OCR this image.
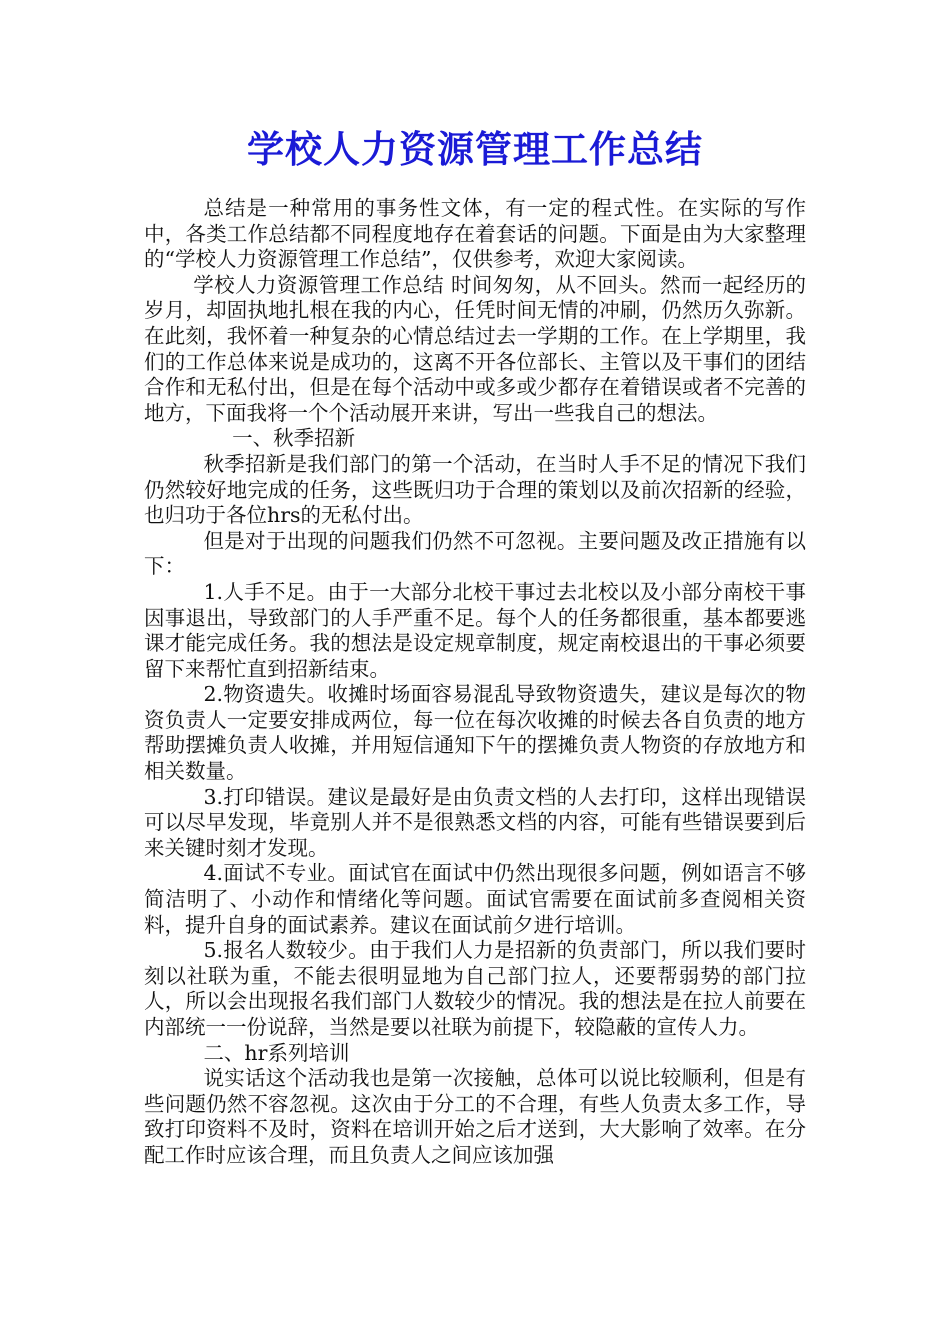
学校人力资源管理工作总结

总结是一种常用的事务性文体，有一定的程式性。在实际的写作中，各类工作总结都不同程度地存在着套话的问题。下面是由为大家整理的“学校人力资源管理工作总结”，仅供参考，欢迎大家阅读。

学校人力资源管理工作总结 时间匆匆，从不回头。然而一起经历的岁月，却固执地扎根在我的内心，任凭时间无情的冲刷，仍然历久弥新。在此刻，我怀着一种复杂的心情总结过去一学期的工作。在上学期里，我们的工作总体来说是成功的，这离不开各位部长、主管以及干事们的团结合作和无私付出，但是在每个活动中或多或少都存在着错误或者不完善的地方，下面我将一个个活动展开来讲，写出一些我自己的想法。

一、秋季招新

秋季招新是我们部门的第一个活动，在当时人手不足的情况下我们仍然较好地完成的任务，这些既归功于合理的策划以及前次招新的经验，也归功于各位hrs的无私付出。

但是对于出现的问题我们仍然不可忽视。主要问题及改正措施有以下：

1.人手不足。由于一大部分北校干事过去北校以及小部分南校干事因事退出，导致部门的人手严重不足。每个人的任务都很重，基本都要逃课才能完成任务。我的想法是设定规章制度，规定南校退出的干事必须要留下来帮忙直到招新结束。

2.物资遗失。收摊时场面容易混乱导致物资遗失，建议是每次的物资负责人一定要安排成两位，每一位在每次收摊的时候去各自负责的地方帮助摆摊负责人收摊，并用短信通知下午的摆摊负责人物资的存放地方和相关数量。

3.打印错误。建议是最好是由负责文档的人去打印，这样出现错误可以尽早发现，毕竟别人并不是很熟悉文档的内容，可能有些错误要到后来关键时刻才发现。

4.面试不专业。面试官在面试中仍然出现很多问题，例如语言不够简洁明了、小动作和情绪化等问题。面试官需要在面试前多查阅相关资料，提升自身的面试素养。建议在面试前夕进行培训。

5.报名人数较少。由于我们人力是招新的负责部门，所以我们要时刻以社联为重，不能去很明显地为自己部门拉人，还要帮弱势的部门拉人，所以会出现报名我们部门人数较少的情况。我的想法是在拉人前要在内部统一一份说辞，当然是要以社联为前提下，较隐蔽的宣传人力。

二、hr系列培训

说实话这个活动我也是第一次接触，总体可以说比较顺利，但是有些问题仍然不容忽视。这次由于分工的不合理，有些人负责太多工作，导致打印资料不及时，资料在培训开始之后才送到，大大影响了效率。在分配工作时应该合理，而且负责人之间应该加强
